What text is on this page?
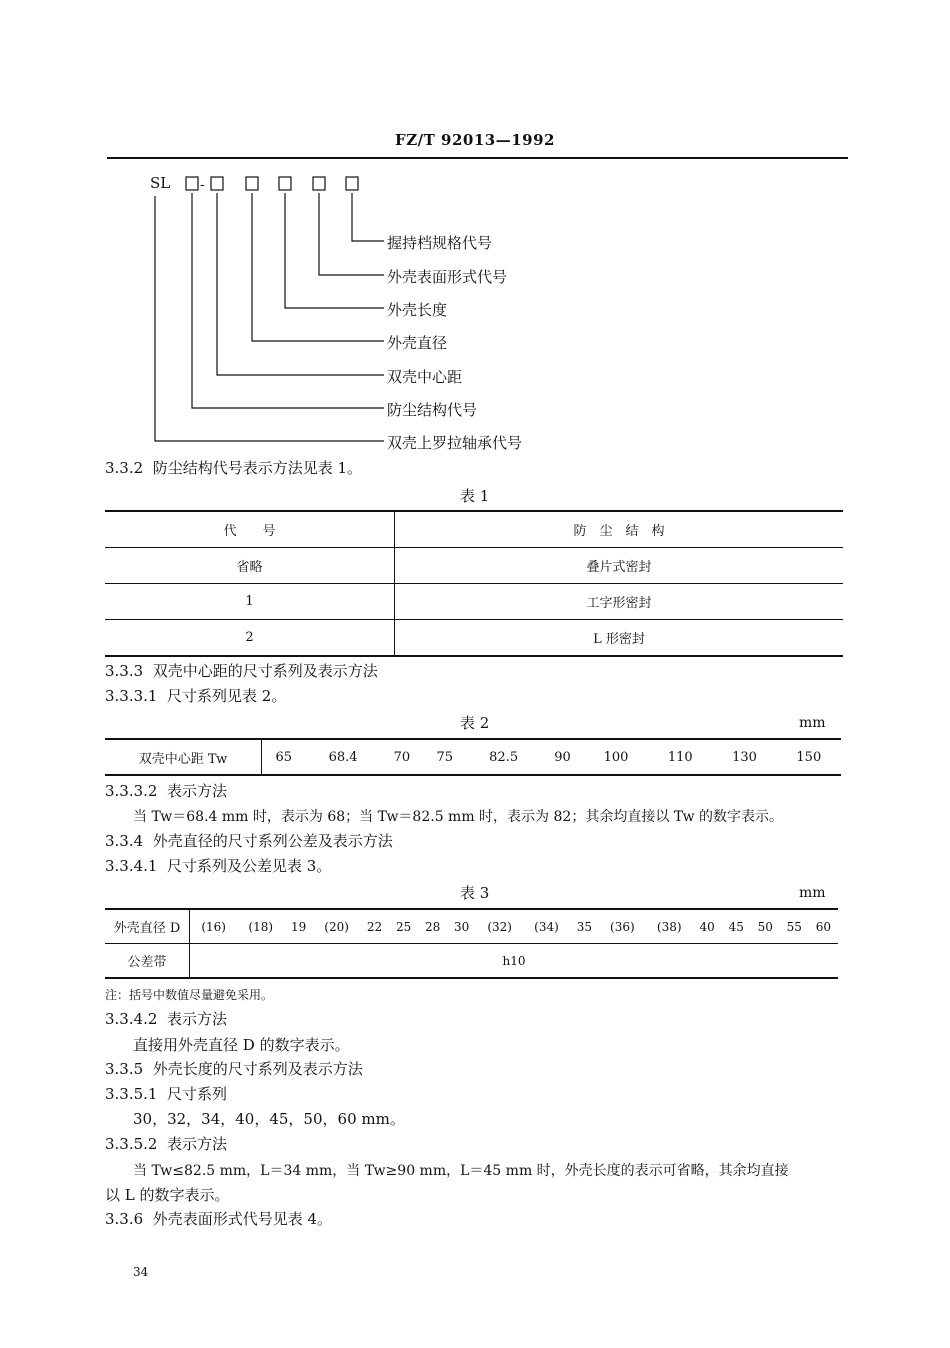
FZ/T 92013—1992
SL -
握持档规格代号
外壳表面形式代号
外壳长度
外壳直径
双壳中心距
防尘结构代号
双壳上罗拉轴承代号
3.3.2 防尘结构代号表示方法见表 1。
表 1
代　　号	防　尘　结　构
省略	叠片式密封
1	工字形密封
2	L 形密封
3.3.3 双壳中心距的尺寸系列及表示方法
3.3.3.1 尺寸系列见表 2。
表 2	mm
双壳中心距 Tw	65	68.4	70	75	82.5	90	100	110	130	150
3.3.3.2 表示方法
当 Tw＝68.4 mm 时，表示为 68；当 Tw＝82.5 mm 时，表示为 82；其余均直接以 Tw 的数字表示。
3.3.4 外壳直径的尺寸系列公差及表示方法
3.3.4.1 尺寸系列及公差见表 3。
表 3	mm
外壳直径 D	(16)	(18)	19	(20)	22	25	28	30	(32)	(34)	35	(36)	(38)	40	45	50	55	60
公差带	h10																	
注：括号中数值尽量避免采用。
3.3.4.2 表示方法
直接用外壳直径 D 的数字表示。
3.3.5 外壳长度的尺寸系列及表示方法
3.3.5.1 尺寸系列
30，32，34，40，45，50，60 mm。
3.3.5.2 表示方法
当 Tw≤82.5 mm，L＝34 mm，当 Tw≥90 mm，L＝45 mm 时，外壳长度的表示可省略，其余均直接
以 L 的数字表示。
3.3.6 外壳表面形式代号见表 4。
34
